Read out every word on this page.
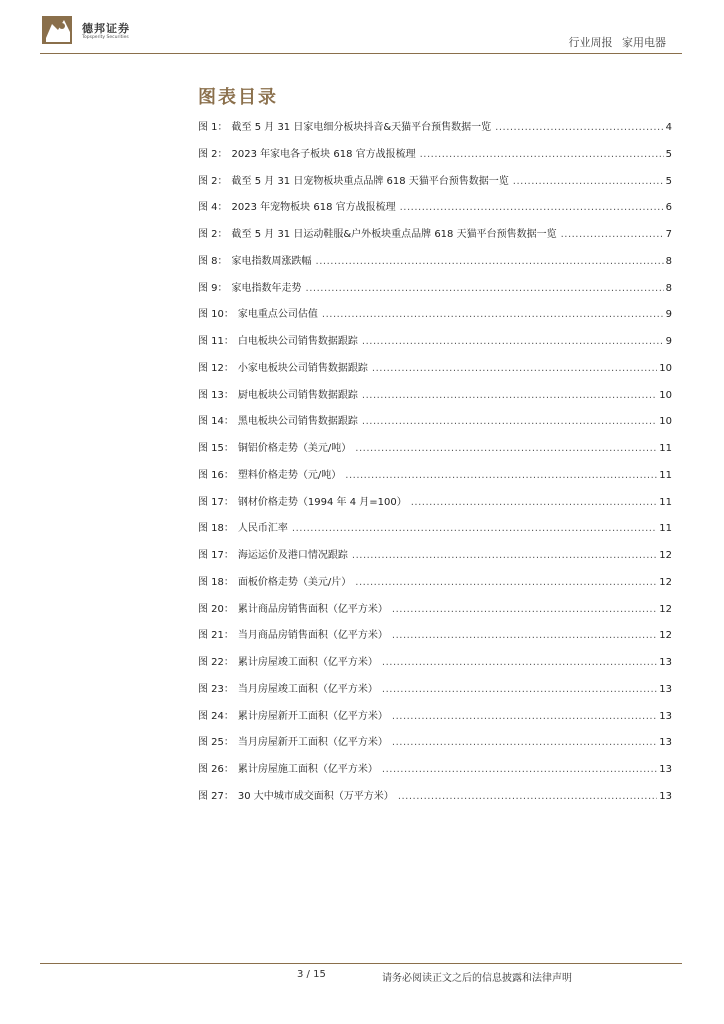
德邦证券
Topsperity Securities	行业周报 家用电器
图表目录
图 1： 截至 5 月 31 日家电细分板块抖音&天猫平台预售数据一览 .....	4
图 2： 2023 年家电各子板块 618 官方战报梳理 .....	5
图 2： 截至 5 月 31 日宠物板块重点品牌 618 天猫平台预售数据一览 .....	5
图 4： 2023 年宠物板块 618 官方战报梳理 .....	6
图 2： 截至 5 月 31 日运动鞋服&户外板块重点品牌 618 天猫平台预售数据一览 .....	7
图 8： 家电指数周涨跌幅 .....	8
图 9： 家电指数年走势 .....	8
图 10： 家电重点公司估值 .....	9
图 11： 白电板块公司销售数据跟踪 .....	9
图 12： 小家电板块公司销售数据跟踪 .....	10
图 13： 厨电板块公司销售数据跟踪 .....	10
图 14： 黑电板块公司销售数据跟踪 .....	10
图 15： 铜铝价格走势（美元/吨） .....	11
图 16： 塑料价格走势（元/吨） .....	11
图 17： 钢材价格走势（1994 年 4 月=100） .....	11
图 18： 人民币汇率 .....	11
图 17： 海运运价及港口情况跟踪 .....	12
图 18： 面板价格走势（美元/片） .....	12
图 20： 累计商品房销售面积（亿平方米） .....	12
图 21： 当月商品房销售面积（亿平方米） .....	12
图 22： 累计房屋竣工面积（亿平方米） .....	13
图 23： 当月房屋竣工面积（亿平方米） .....	13
图 24： 累计房屋新开工面积（亿平方米） .....	13
图 25： 当月房屋新开工面积（亿平方米） .....	13
图 26： 累计房屋施工面积（亿平方米） .....	13
图 27： 30 大中城市成交面积（万平方米） .....	13
3 / 15	请务必阅读正文之后的信息披露和法律声明
